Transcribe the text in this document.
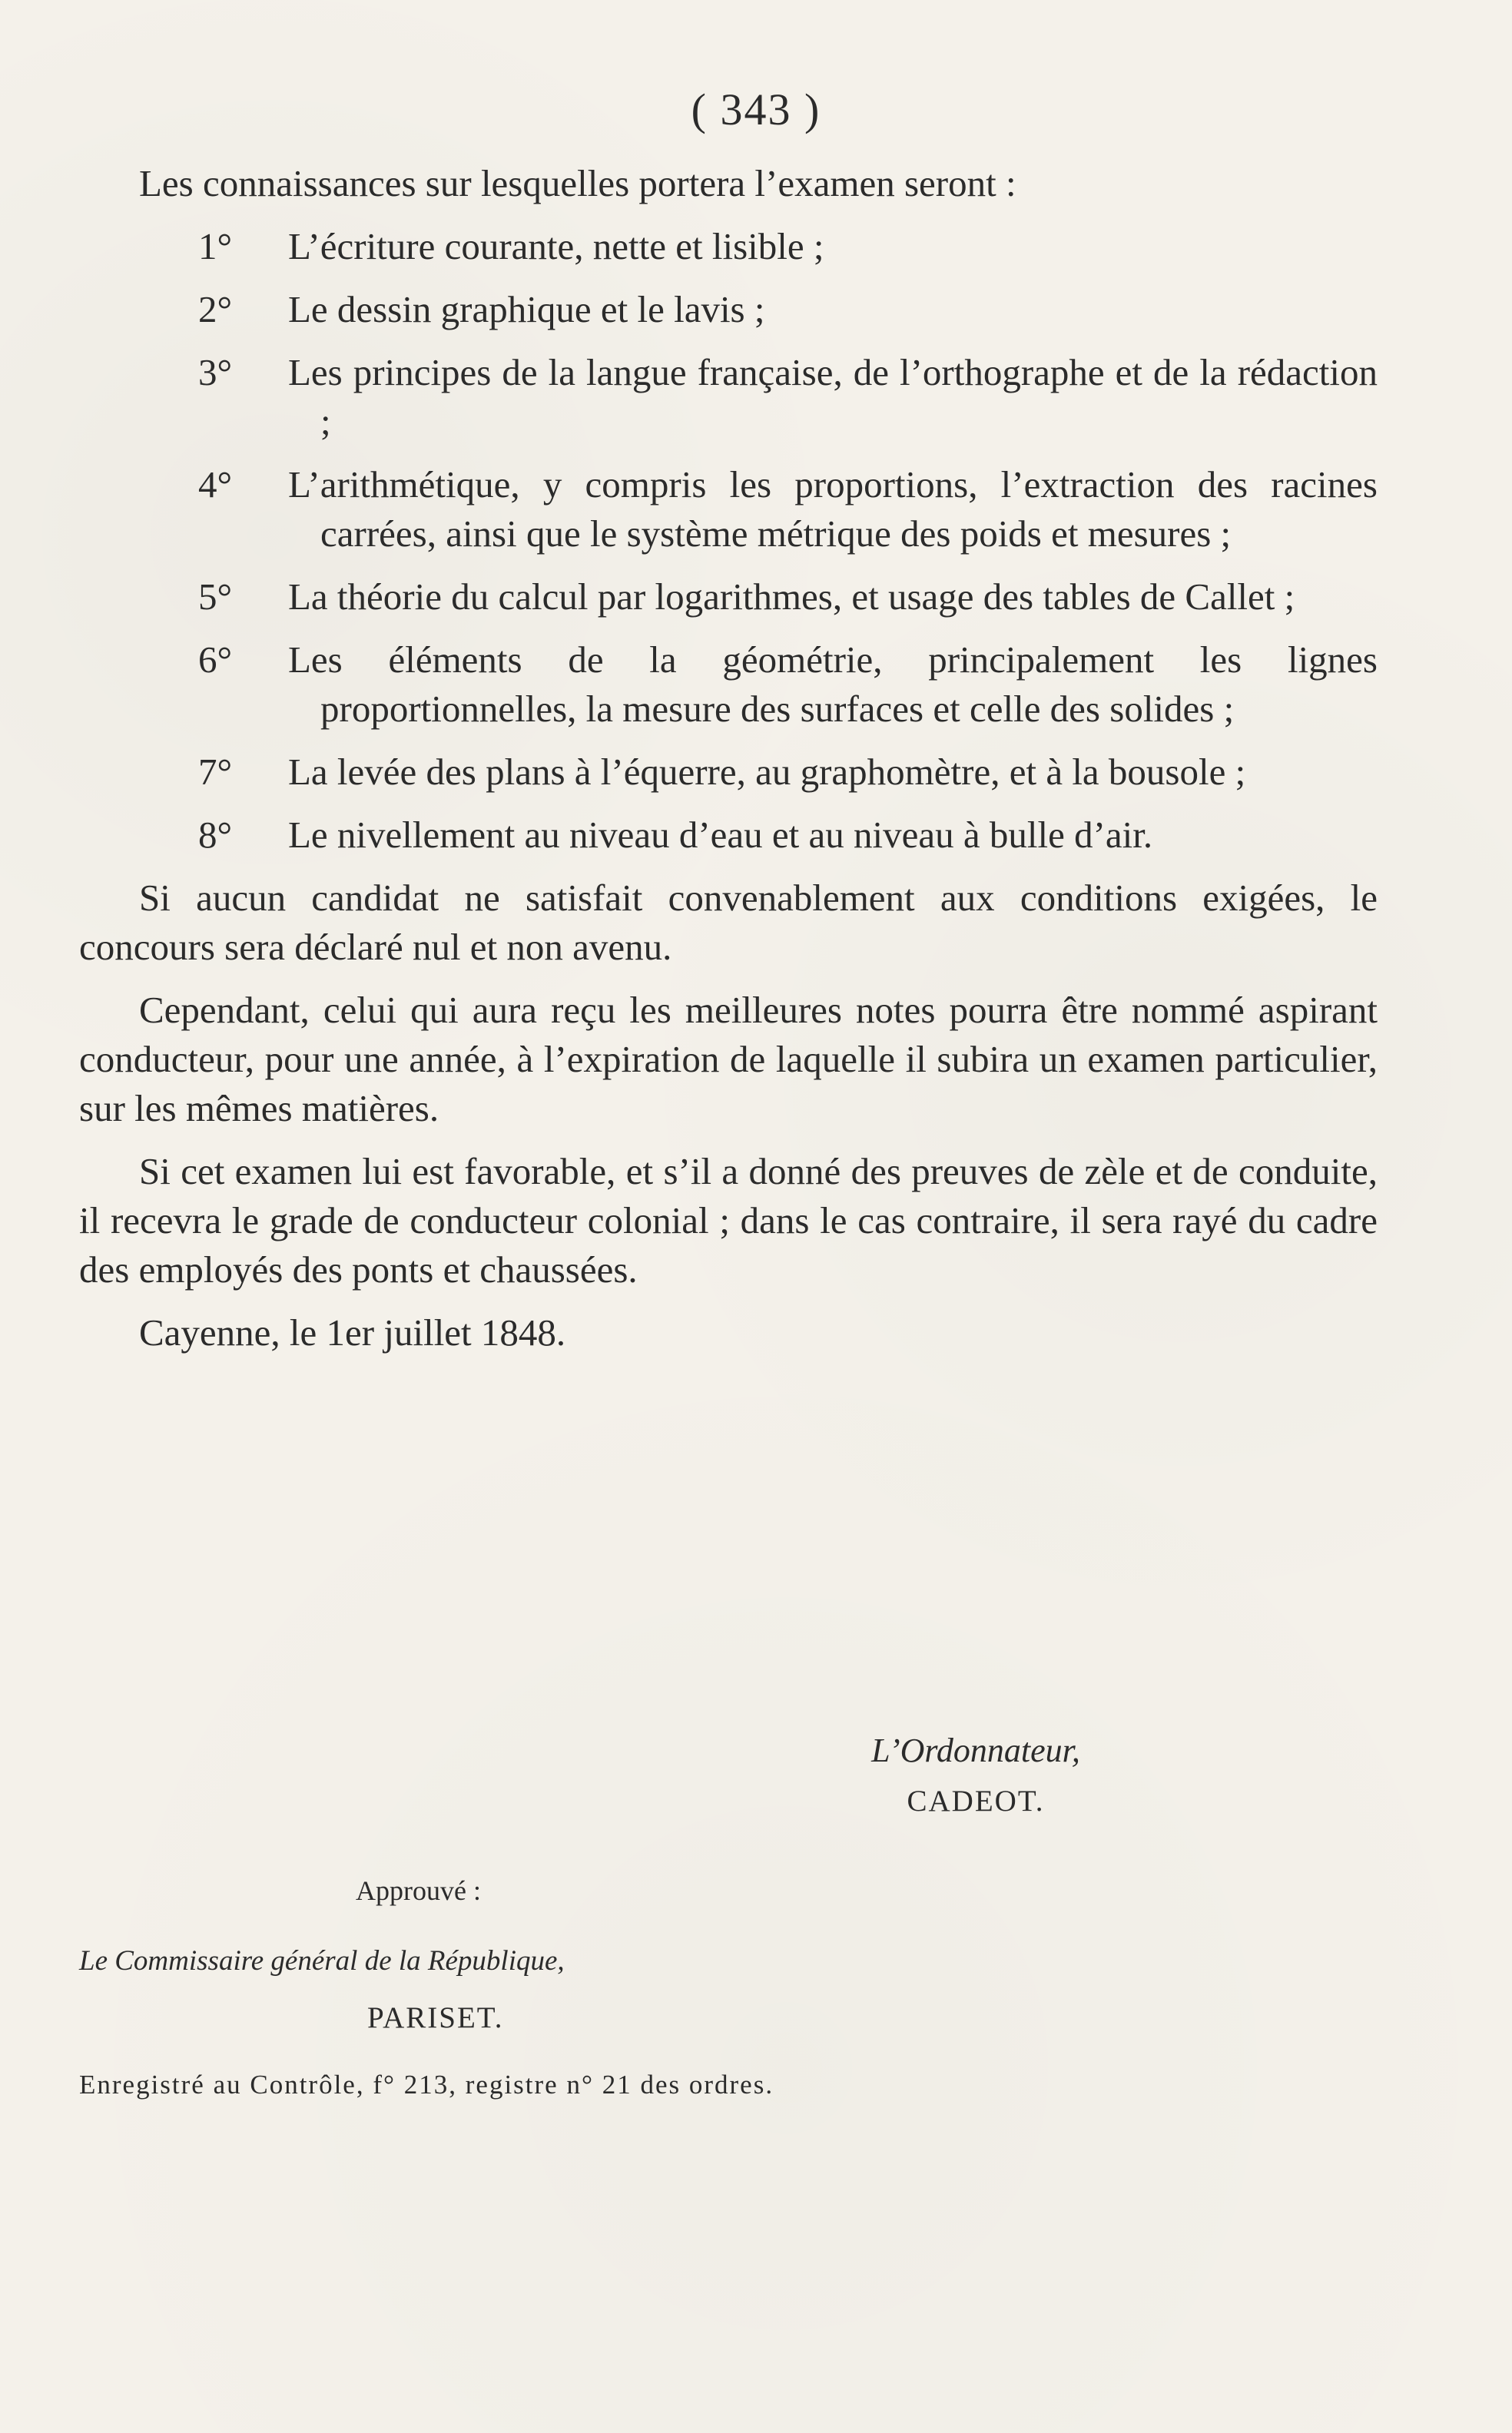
( 343 )
Les connaissances sur lesquelles portera l’examen seront :
1°	L’écriture courante, nette et lisible ;
2°	Le dessin graphique et le lavis ;
3°	Les principes de la langue française, de l’orthographe et de la rédaction ;
4°	L’arithmétique, y compris les proportions, l’extraction des racines carrées, ainsi que le système métrique des poids et mesures ;
5°	La théorie du calcul par logarithmes, et usage des tables de Callet ;
6°	Les éléments de la géométrie, principalement les lignes proportionnelles, la mesure des surfaces et celle des solides ;
7°	La levée des plans à l’équerre, au graphomètre, et à la bousole ;
8°	Le nivellement au niveau d’eau et au niveau à bulle d’air.
Si aucun candidat ne satisfait convenablement aux conditions exigées, le concours sera déclaré nul et non avenu.
Cependant, celui qui aura reçu les meilleures notes pourra être nommé aspirant conducteur, pour une année, à l’expiration de laquelle il subira un examen particulier, sur les mêmes matières.
Si cet examen lui est favorable, et s’il a donné des preuves de zèle et de conduite, il recevra le grade de conducteur colonial ; dans le cas contraire, il sera rayé du cadre des employés des ponts et chaussées.
Cayenne, le 1er juillet 1848.
L’Ordonnateur,
CADEOT.
Approuvé :
Le Commissaire général de la République,
PARISET.
Enregistré au Contrôle, f° 213, registre n° 21 des ordres.
